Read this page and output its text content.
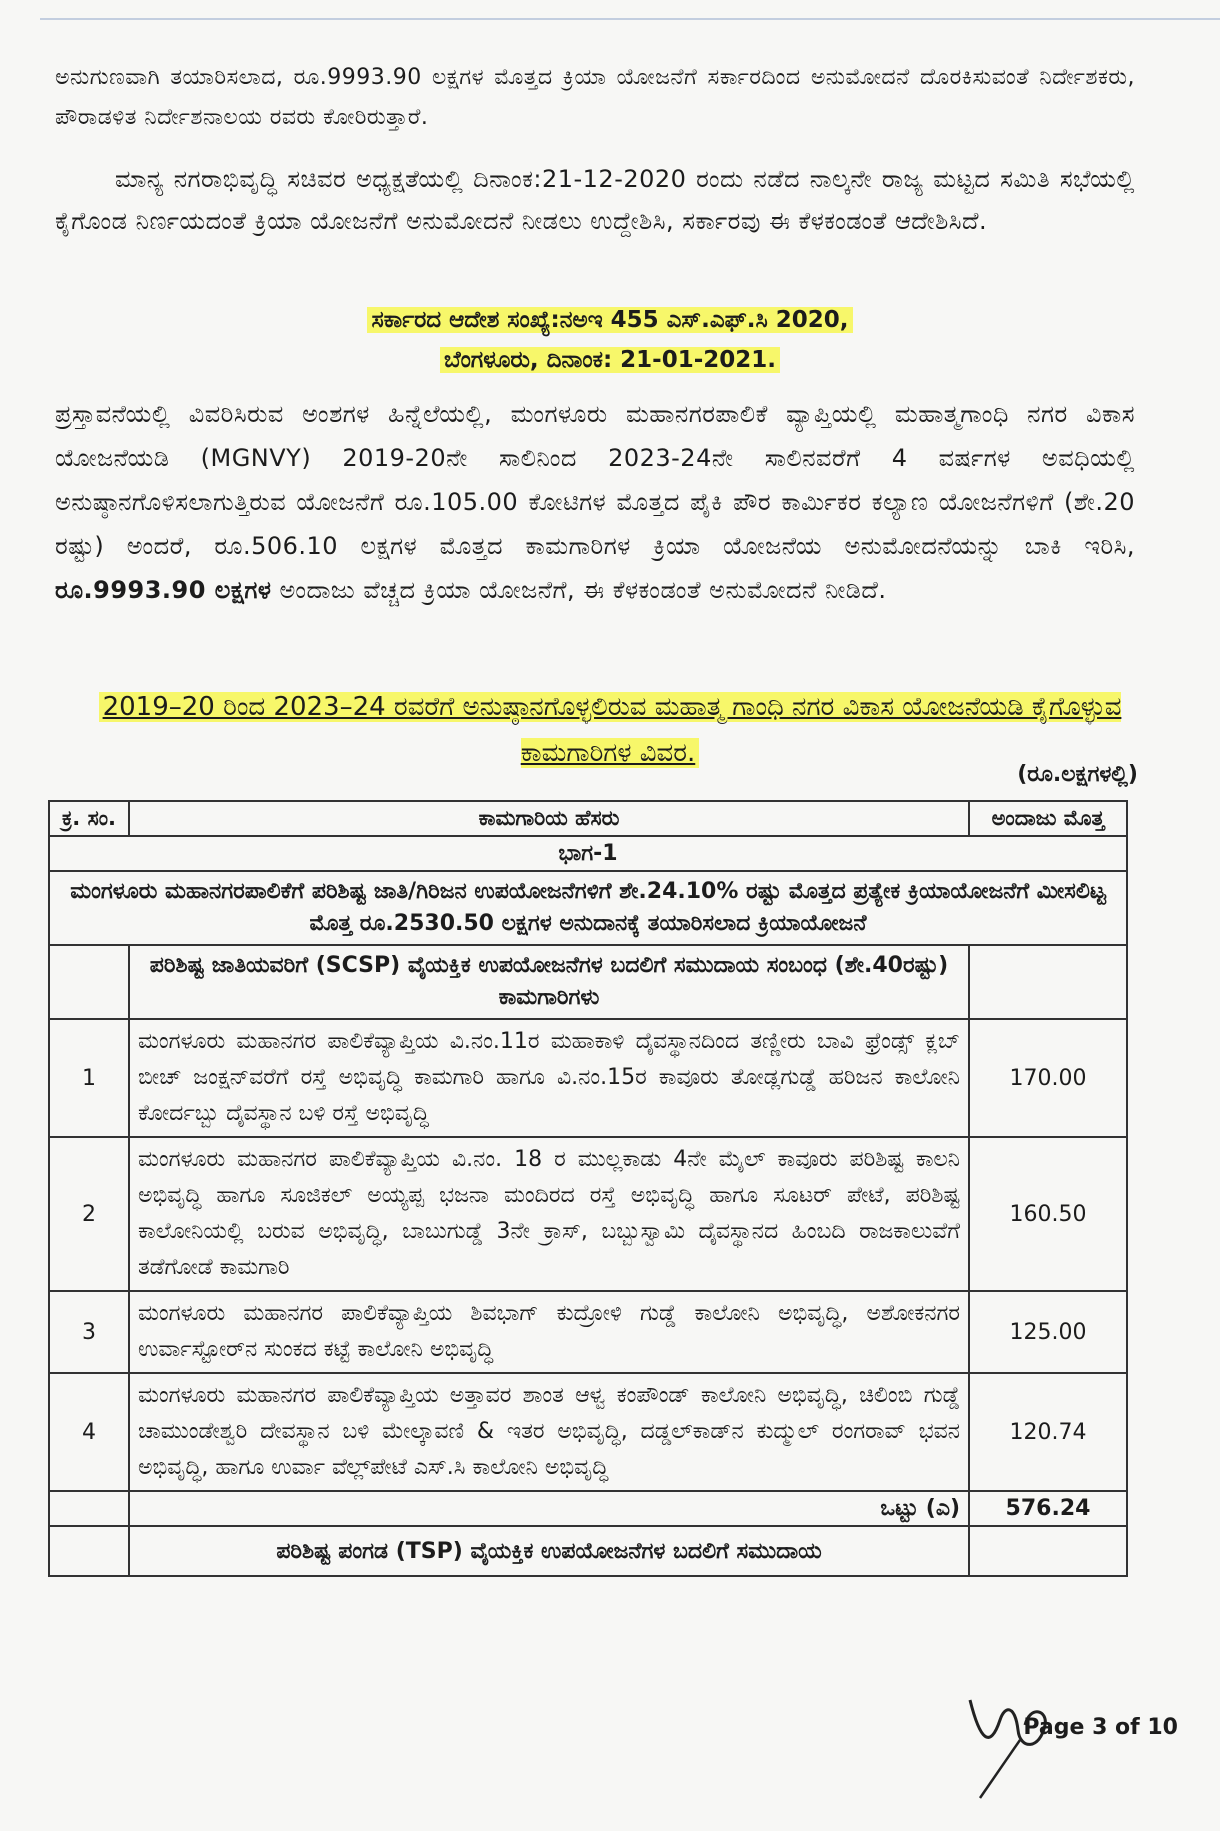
ಅನುಗುಣವಾಗಿ ತಯಾರಿಸಲಾದ, ರೂ.9993.90 ಲಕ್ಷಗಳ ಮೊತ್ತದ ಕ್ರಿಯಾ ಯೋಜನೆಗೆ ಸರ್ಕಾರದಿಂದ ಅನುಮೋದನೆ ದೊರಕಿಸುವಂತೆ ನಿರ್ದೇಶಕರು, ಪೌರಾಡಳಿತ ನಿರ್ದೇಶನಾಲಯ ರವರು ಕೋರಿರುತ್ತಾರೆ.
ಮಾನ್ಯ ನಗರಾಭಿವೃದ್ಧಿ ಸಚಿವರ ಅಧ್ಯಕ್ಷತೆಯಲ್ಲಿ ದಿನಾಂಕ:21-12-2020 ರಂದು ನಡೆದ ನಾಲ್ಕನೇ ರಾಜ್ಯ ಮಟ್ಟದ ಸಮಿತಿ ಸಭೆಯಲ್ಲಿ ಕೈಗೊಂಡ ನಿರ್ಣಯದಂತೆ ಕ್ರಿಯಾ ಯೋಜನೆಗೆ ಅನುಮೋದನೆ ನೀಡಲು ಉದ್ದೇಶಿಸಿ, ಸರ್ಕಾರವು ಈ ಕೆಳಕಂಡಂತೆ ಆದೇಶಿಸಿದೆ.
ಸರ್ಕಾರದ ಆದೇಶ ಸಂಖ್ಯೆ:ನಅಇ 455 ಎಸ್.ಎಫ್.ಸಿ 2020,
ಬೆಂಗಳೂರು, ದಿನಾಂಕ: 21-01-2021.
ಪ್ರಸ್ತಾವನೆಯಲ್ಲಿ ವಿವರಿಸಿರುವ ಅಂಶಗಳ ಹಿನ್ನೆಲೆಯಲ್ಲಿ, ಮಂಗಳೂರು ಮಹಾನಗರಪಾಲಿಕೆ ವ್ಯಾಪ್ತಿಯಲ್ಲಿ ಮಹಾತ್ಮಗಾಂಧಿ ನಗರ ವಿಕಾಸ ಯೋಜನೆಯಡಿ (MGNVY) 2019-20ನೇ ಸಾಲಿನಿಂದ 2023-24ನೇ ಸಾಲಿನವರೆಗೆ 4 ವರ್ಷಗಳ ಅವಧಿಯಲ್ಲಿ ಅನುಷ್ಠಾನಗೊಳಿಸಲಾಗುತ್ತಿರುವ ಯೋಜನೆಗೆ ರೂ.105.00 ಕೋಟಿಗಳ ಮೊತ್ತದ ಪೈಕಿ ಪೌರ ಕಾರ್ಮಿಕರ ಕಲ್ಯಾಣ ಯೋಜನೆಗಳಿಗೆ (ಶೇ.20 ರಷ್ಟು) ಅಂದರೆ, ರೂ.506.10 ಲಕ್ಷಗಳ ಮೊತ್ತದ ಕಾಮಗಾರಿಗಳ ಕ್ರಿಯಾ ಯೋಜನೆಯ ಅನುಮೋದನೆಯನ್ನು ಬಾಕಿ ಇರಿಸಿ, ರೂ.9993.90 ಲಕ್ಷಗಳ ಅಂದಾಜು ವೆಚ್ಚದ ಕ್ರಿಯಾ ಯೋಜನೆಗೆ, ಈ ಕೆಳಕಂಡಂತೆ ಅನುಮೋದನೆ ನೀಡಿದೆ.
2019–20 ರಿಂದ 2023–24 ರವರೆಗೆ ಅನುಷ್ಠಾನಗೊಳ್ಳಲಿರುವ ಮಹಾತ್ಮ ಗಾಂಧಿ ನಗರ ವಿಕಾಸ ಯೋಜನೆಯಡಿ ಕೈಗೊಳ್ಳುವ ಕಾಮಗಾರಿಗಳ ವಿವರ.
(ರೂ.ಲಕ್ಷಗಳಲ್ಲಿ)
ಕ್ರ. ಸಂ.	ಕಾಮಗಾರಿಯ ಹೆಸರು	ಅಂದಾಜು ಮೊತ್ತ
ಭಾಗ-1		
ಮಂಗಳೂರು ಮಹಾನಗರಪಾಲಿಕೆಗೆ ಪರಿಶಿಷ್ಟ ಜಾತಿ/ಗಿರಿಜನ ಉಪಯೋಜನೆಗಳಿಗೆ ಶೇ.24.10% ರಷ್ಟು ಮೊತ್ತದ ಪ್ರತ್ಯೇಕ ಕ್ರಿಯಾಯೋಜನೆಗೆ ಮೀಸಲಿಟ್ಟ ಮೊತ್ತ ರೂ.2530.50 ಲಕ್ಷಗಳ ಅನುದಾನಕ್ಕೆ ತಯಾರಿಸಲಾದ ಕ್ರಿಯಾಯೋಜನೆ		
	ಪರಿಶಿಷ್ಟ ಜಾತಿಯವರಿಗೆ (SCSP) ವೈಯಕ್ತಿಕ ಉಪಯೋಜನೆಗಳ ಬದಲಿಗೆ ಸಮುದಾಯ ಸಂಬಂಧ (ಶೇ.40ರಷ್ಟು) ಕಾಮಗಾರಿಗಳು	
1	ಮಂಗಳೂರು ಮಹಾನಗರ ಪಾಲಿಕೆವ್ಯಾಪ್ತಿಯ ವಿ.ನಂ.11ರ ಮಹಾಕಾಳಿ ದೈವಸ್ಥಾನದಿಂದ ತಣ್ಣೀರು ಬಾವಿ ಫ್ರೆಂಡ್ಸ್ ಕ್ಲಬ್ ಬೀಚ್ ಜಂಕ್ಷನ್‌ವರೆಗೆ ರಸ್ತೆ ಅಭಿವೃದ್ಧಿ ಕಾಮಗಾರಿ ಹಾಗೂ ವಿ.ನಂ.15ರ ಕಾವೂರು ತೋಡ್ಲಗುಡ್ಡೆ ಹರಿಜನ ಕಾಲೋನಿ ಕೋರ್ದಬ್ಬು ದೈವಸ್ಥಾನ ಬಳಿ ರಸ್ತೆ ಅಭಿವೃದ್ಧಿ	170.00
2	ಮಂಗಳೂರು ಮಹಾನಗರ ಪಾಲಿಕೆವ್ಯಾಪ್ತಿಯ ವಿ.ನಂ. 18 ರ ಮುಲ್ಲಕಾಡು 4ನೇ ಮೈಲ್ ಕಾವೂರು ಪರಿಶಿಷ್ಟ ಕಾಲನಿ ಅಭಿವೃದ್ಧಿ ಹಾಗೂ ಸೂಜಿಕಲ್ ಅಯ್ಯಪ್ಪ ಭಜನಾ ಮಂದಿರದ ರಸ್ತೆ ಅಭಿವೃದ್ಧಿ ಹಾಗೂ ಸೂಟರ್ ಪೇಟೆ, ಪರಿಶಿಷ್ಟ ಕಾಲೋನಿಯಲ್ಲಿ ಬರುವ ಅಭಿವೃದ್ಧಿ, ಬಾಬುಗುಡ್ಡೆ 3ನೇ ಕ್ರಾಸ್, ಬಬ್ಬುಸ್ವಾಮಿ ದೈವಸ್ಥಾನದ ಹಿಂಬದಿ ರಾಜಕಾಲುವೆಗೆ ತಡೆಗೋಡೆ ಕಾಮಗಾರಿ	160.50
3	ಮಂಗಳೂರು ಮಹಾನಗರ ಪಾಲಿಕೆವ್ಯಾಪ್ತಿಯ ಶಿವಭಾಗ್ ಕುದ್ರೋಳಿ ಗುಡ್ಡೆ ಕಾಲೋನಿ ಅಭಿವೃದ್ಧಿ, ಅಶೋಕನಗರ ಉರ್ವಾಸ್ಟೋರ್‌ನ ಸುಂಕದ ಕಟ್ಟೆ ಕಾಲೋನಿ ಅಭಿವೃದ್ಧಿ	125.00
4	ಮಂಗಳೂರು ಮಹಾನಗರ ಪಾಲಿಕೆವ್ಯಾಪ್ತಿಯ ಅತ್ತಾವರ ಶಾಂತ ಆಳ್ವ ಕಂಪೌಂಡ್ ಕಾಲೋನಿ ಅಭಿವೃದ್ಧಿ, ಚಿಲಿಂಬಿ ಗುಡ್ಡೆ ಚಾಮುಂಡೇಶ್ವರಿ ದೇವಸ್ಥಾನ ಬಳಿ ಮೇಲ್ಕಾವಣಿ & ಇತರ ಅಭಿವೃದ್ಧಿ, ದಡ್ಡಲ್‌ಕಾಡ್‌ನ ಕುದ್ಮುಲ್ ರಂಗರಾವ್ ಭವನ ಅಭಿವೃದ್ಧಿ, ಹಾಗೂ ಉರ್ವಾ ವೆಲ್ಲ್‌ಪೇಟೆ ಎಸ್.ಸಿ ಕಾಲೋನಿ ಅಭಿವೃದ್ಧಿ	120.74
	ಒಟ್ಟು (ಎ)	576.24
	ಪರಿಶಿಷ್ಟ ಪಂಗಡ (TSP) ವೈಯಕ್ತಿಕ ಉಪಯೋಜನೆಗಳ ಬದಲಿಗೆ ಸಮುದಾಯ	
Page 3 of 10
